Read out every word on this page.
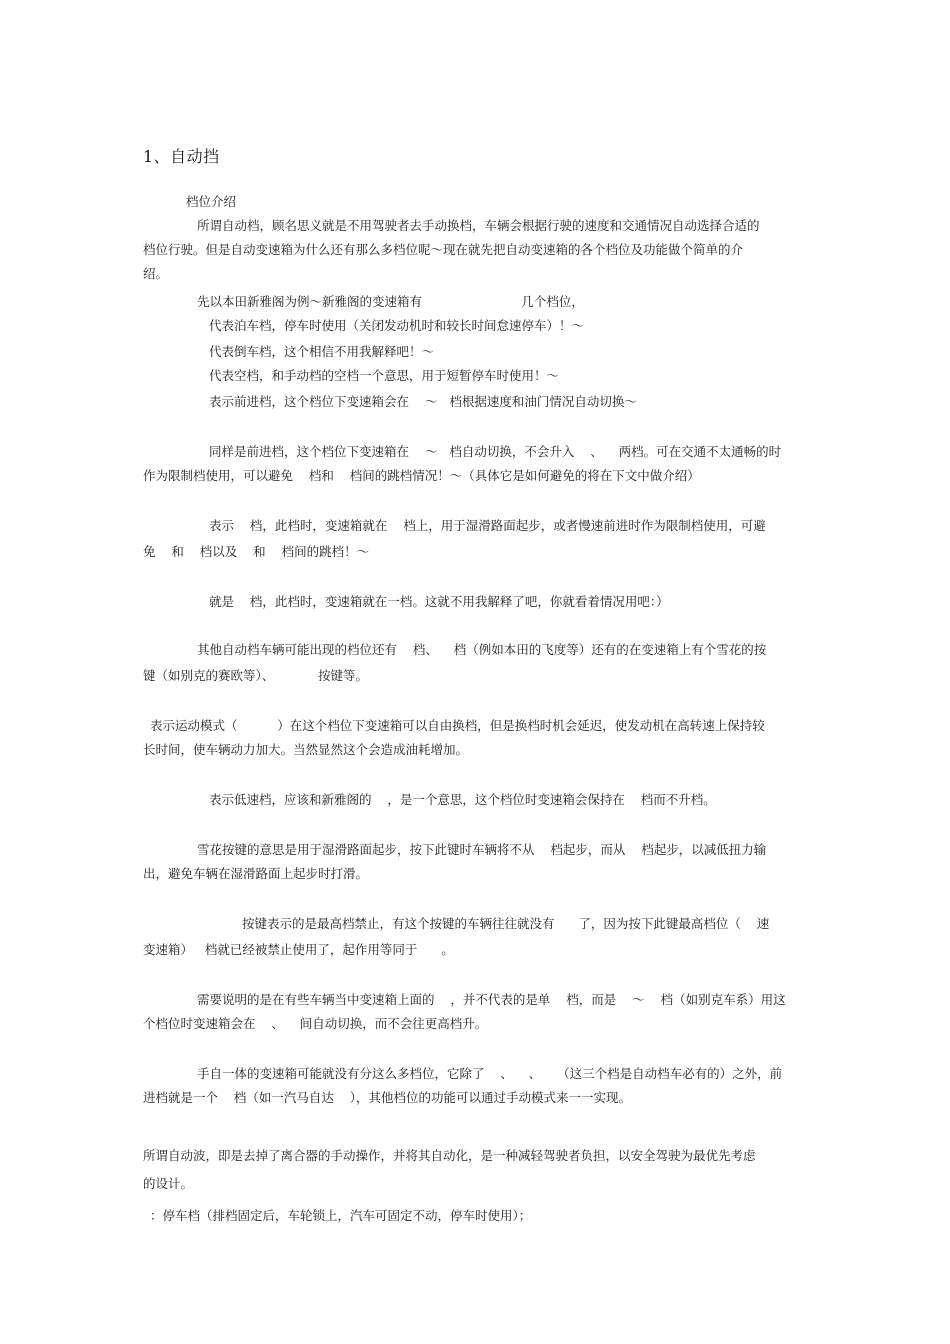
1、自动挡
档位介绍
所谓自动档，顾名思义就是不用驾驶者去手动换档，车辆会根据行驶的速度和交通情况自动选择合适的
档位行驶。但是自动变速箱为什么还有那么多档位呢～现在就先把自动变速箱的各个档位及功能做个简单的介
绍。
先以本田新雅阁为例～新雅阁的变速箱有                         几个档位，
代表泊车档，停车时使用（关闭发动机时和较长时间怠速停车）！～
代表倒车档，这个相信不用我解释吧！～
代表空档，和手动档的空档一个意思，用于短暂停车时使用！～
表示前进档，这个档位下变速箱会在    ～   档根据速度和油门情况自动切换～
同样是前进档，这个档位下变速箱在    ～   档自动切换，不会升入    、    两档。可在交通不太通畅的时
作为限制档使用，可以避免    档和    档间的跳档情况！～（具体它是如何避免的将在下文中做介绍）
表示    档，此档时，变速箱就在    档上，用于湿滑路面起步，或者慢速前进时作为限制档使用，可避
免    和    档以及    和    档间的跳档！～
就是    档，此档时，变速箱就在一档。这就不用我解释了吧，你就看着情况用吧：）
其他自动档车辆可能出现的档位还有    档、    档（例如本田的飞度等）还有的在变速箱上有个雪花的按
键（如别克的赛欧等）、           按键等。
表示运动模式（          ）在这个档位下变速箱可以自由换档，但是换档时机会延迟，使发动机在高转速上保持较
长时间，使车辆动力加大。当然显然这个会造成油耗增加。
表示低速档，应该和新雅阁的    ，是一个意思，这个档位时变速箱会保持在    档而不升档。
雪花按键的意思是用于湿滑路面起步，按下此键时车辆将不从    档起步，而从    档起步，以减低扭力输
出，避免车辆在湿滑路面上起步时打滑。
按键表示的是最高档禁止，有这个按键的车辆往往就没有      了，因为按下此键最高档位（    速
变速箱）   档就已经被禁止使用了，起作用等同于      。
需要说明的是在有些车辆当中变速箱上面的    ，并不代表的是单    档，而是    ～    档（如别克车系）用这
个档位时变速箱会在    、    间自动切换，而不会往更高档升。
手自一体的变速箱可能就没有分这么多档位，它除了    、    、    （这三个档是自动档车必有的）之外，前
进档就是一个    档（如一汽马自达    ），其他档位的功能可以通过手动模式来一一实现。
所谓自动波，即是去掉了离合器的手动操作，并将其自动化，是一种减轻驾驶者负担，以安全驾驶为最优先考虑
的设计。
：停车档（排档固定后，车轮锁上，汽车可固定不动，停车时使用）；
